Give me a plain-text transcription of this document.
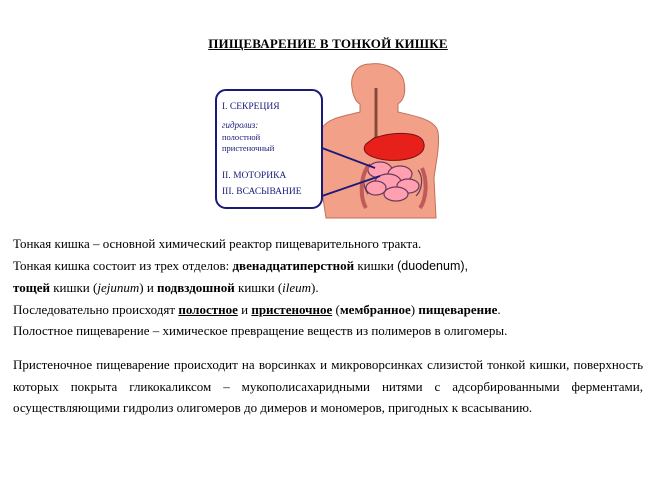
ПИЩЕВАРЕНИЕ В ТОНКОЙ КИШКЕ
I. СЕКРЕЦИЯ
гидролиз:
полостной
пристеночный
II. МОТОРИКА
III. ВСАСЫВАНИЕ
Тонкая кишка – основной химический реактор пищеварительного тракта.
Тонкая кишка состоит из трех отделов: двенадцатиперстной кишки (duodenum),
тощей кишки (jejunum) и подвздошной кишки (ileum).
Последовательно происходят полостное и пристеночное (мембранное) пищеварение.
Полостное пищеварение – химическое превращение веществ из полимеров в олигомеры.
Пристеночное пищеварение происходит на ворсинках и микроворсинках слизистой тонкой кишки, поверхность которых покрыта гликокаликсом – мукополисахаридными нитями с адсорбированными ферментами, осуществляющими гидролиз олигомеров до димеров и мономеров, пригодных к всасыванию.
